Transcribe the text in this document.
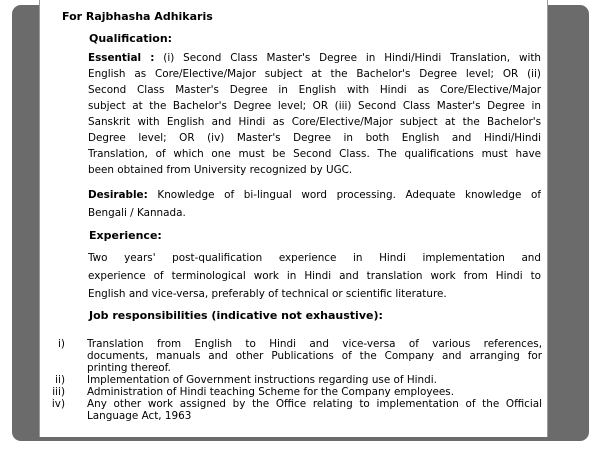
For Rajbhasha Adhikaris

Qualification:

Essential : (i) Second Class Master's Degree in Hindi/Hindi Translation, with

English as Core/Elective/Major subject at the Bachelor's Degree level; OR (ii)

Second Class Master's Degree in English with Hindi as Core/Elective/Major

subject at the Bachelor's Degree level; OR (iii) Second Class Master's Degree in

Sanskrit with English and Hindi as Core/Elective/Major subject at the Bachelor's

Degree level; OR (iv) Master's Degree in both English and Hindi/Hindi

Translation, of which one must be Second Class. The qualifications must have

been obtained from University recognized by UGC.

Desirable: Knowledge of bi-lingual word processing. Adequate knowledge of

Bengali / Kannada.

Experience:

Two years' post-qualification experience in Hindi implementation and

experience of terminological work in Hindi and translation work from Hindi to

English and vice-versa, preferably of technical or scientific literature.

Job responsibilities (indicative not exhaustive):

i) Translation from English to Hindi and vice-versa of various references,
documents, manuals and other Publications of the Company and arranging for
printing thereof.
ii) Implementation of Government instructions regarding use of Hindi.
iii) Administration of Hindi teaching Scheme for the Company employees.
iv) Any other work assigned by the Office relating to implementation of the Official
Language Act, 1963
